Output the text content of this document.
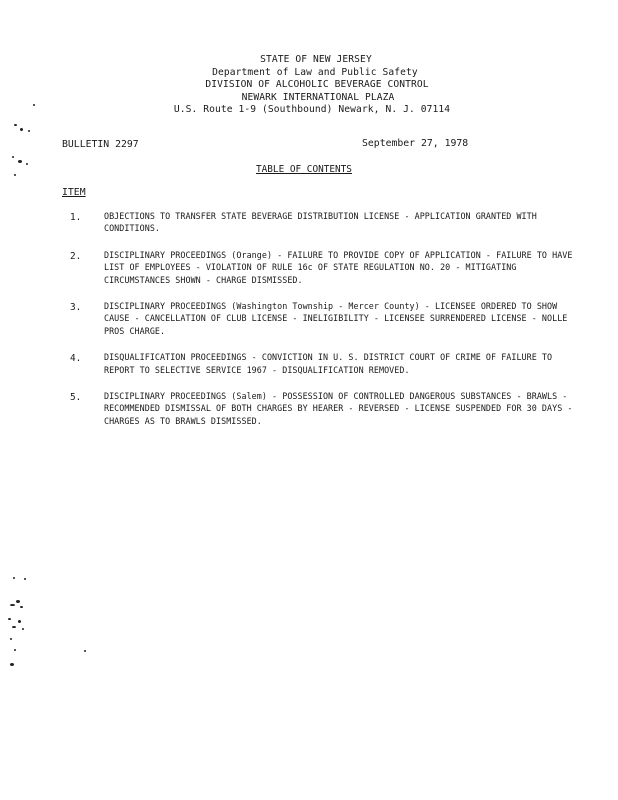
STATE OF NEW JERSEY
Department of Law and Public Safety
DIVISION OF ALCOHOLIC BEVERAGE CONTROL
NEWARK INTERNATIONAL PLAZA
U.S. Route 1-9 (Southbound) Newark, N. J. 07114
BULLETIN 2297	September 27, 1978
TABLE OF CONTENTS
ITEM
1.	OBJECTIONS TO TRANSFER STATE BEVERAGE DISTRIBUTION LICENSE - APPLICATION GRANTED WITH CONDITIONS.
2.	DISCIPLINARY PROCEEDINGS (Orange) - FAILURE TO PROVIDE COPY OF APPLICATION - FAILURE TO HAVE LIST OF EMPLOYEES - VIOLATION OF RULE 16c OF STATE REGULATION NO. 20 - MITIGATING CIRCUMSTANCES SHOWN - CHARGE DISMISSED.
3.	DISCIPLINARY PROCEEDINGS (Washington Township - Mercer County) - LICENSEE ORDERED TO SHOW CAUSE - CANCELLATION OF CLUB LICENSE - INELIGIBILITY - LICENSEE SURRENDERED LICENSE - NOLLE PROS CHARGE.
4.	DISQUALIFICATION PROCEEDINGS - CONVICTION IN U. S. DISTRICT COURT OF CRIME OF FAILURE TO REPORT TO SELECTIVE SERVICE 1967 - DISQUALIFICATION REMOVED.
5.	DISCIPLINARY PROCEEDINGS (Salem) - POSSESSION OF CONTROLLED DANGEROUS SUBSTANCES - BRAWLS - RECOMMENDED DISMISSAL OF BOTH CHARGES BY HEARER - REVERSED - LICENSE SUSPENDED FOR 30 DAYS - CHARGES AS TO BRAWLS DISMISSED.
